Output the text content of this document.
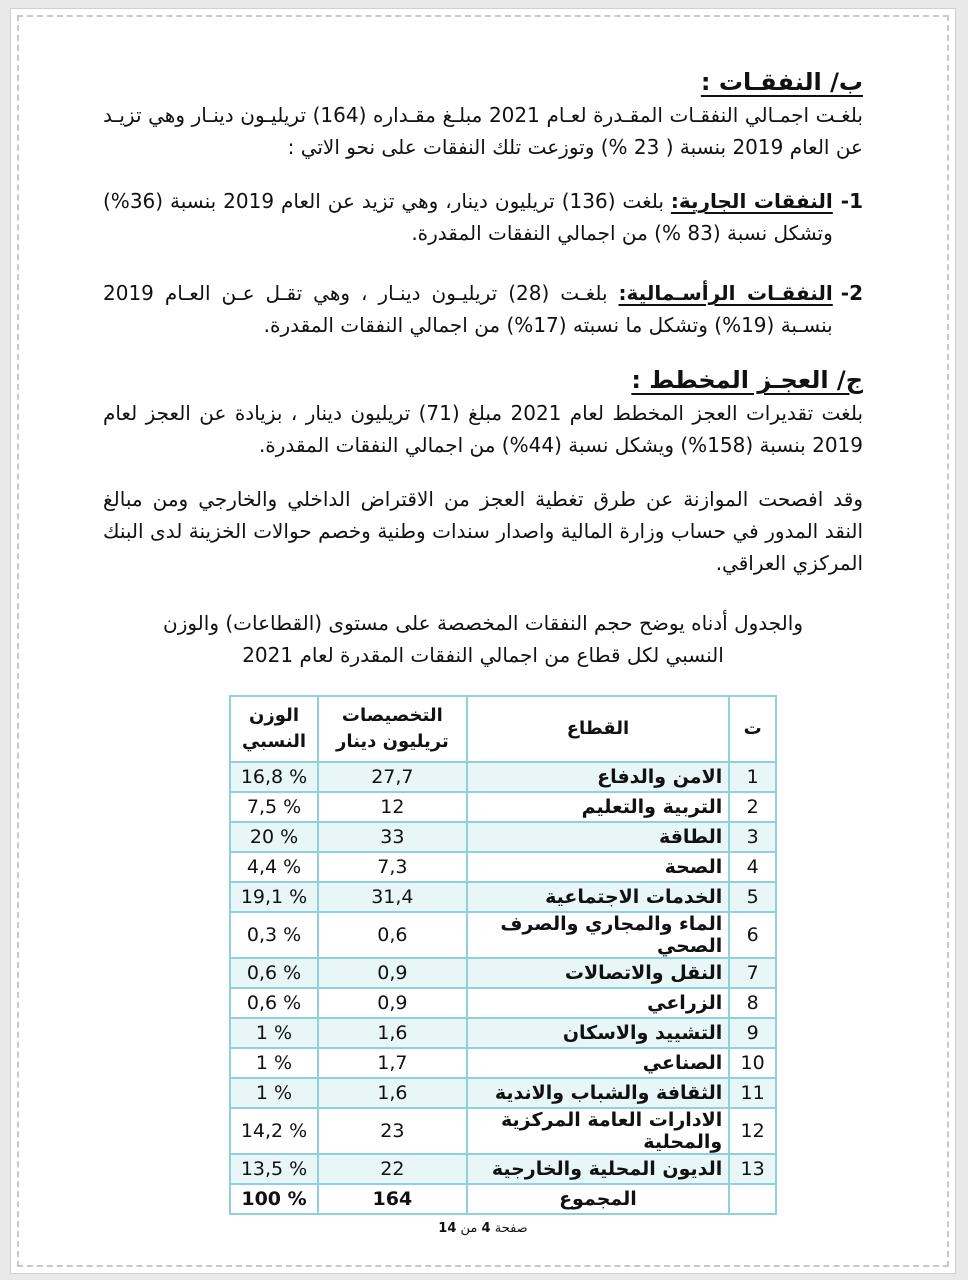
ب/ النفقـات :
بلغـت اجمـالي النفقـات المقـدرة لعـام 2021 مبلـغ مقـداره (164) تريليـون دينـار وهي تزيـد عن العام 2019 بنسبة ( 23 %) وتوزعت تلك النفقات على نحو الاتي :
1-
النفقات الجارية: بلغت (136) تريليون دينار، وهي تزيد عن العام 2019 بنسبة (36%) وتشكل نسبة (83 %) من اجمالي النفقات المقدرة.
2-
النفقـات الرأسـمالية: بلغـت (28) تريليـون دينـار ، وهي تقـل عـن العـام 2019 بنسـبة (19%) وتشكل ما نسبته (17%) من اجمالي النفقات المقدرة.
ج/ العجـز المخطط :
بلغت تقديرات العجز المخطط لعام 2021 مبلغ (71) تريليون دينار ، بزيادة عن العجز لعام 2019 بنسبة (158%) ويشكل نسبة (44%) من اجمالي النفقات المقدرة.
وقد افصحت الموازنة عن طرق تغطية العجز من الاقتراض الداخلي والخارجي ومن مبالغ النقد المدور في حساب وزارة المالية واصدار سندات وطنية وخصم حوالات الخزينة لدى البنك المركزي العراقي.
والجدول أدناه يوضح حجم النفقات المخصصة على مستوى (القطاعات) والوزن النسبي لكل قطاع من اجمالي النفقات المقدرة لعام 2021
ت	القطاع	التخصيصات تريليون دينار	الوزن النسبي
1	الامن والدفاع	27,7	16,8 %
2	التربية والتعليم	12	7,5 %
3	الطاقة	33	20 %
4	الصحة	7,3	4,4 %
5	الخدمات الاجتماعية	31,4	19,1 %
6	الماء والمجاري والصرف الصحي	0,6	0,3 %
7	النقل والاتصالات	0,9	0,6 %
8	الزراعي	0,9	0,6 %
9	التشييد والاسكان	1,6	1 %
10	الصناعي	1,7	1 %
11	الثقافة والشباب والاندية	1,6	1 %
12	الادارات العامة المركزية والمحلية	23	14,2 %
13	الديون المحلية والخارجية	22	13,5 %
	المجموع	164	100 %
صفحة 4 من 14
